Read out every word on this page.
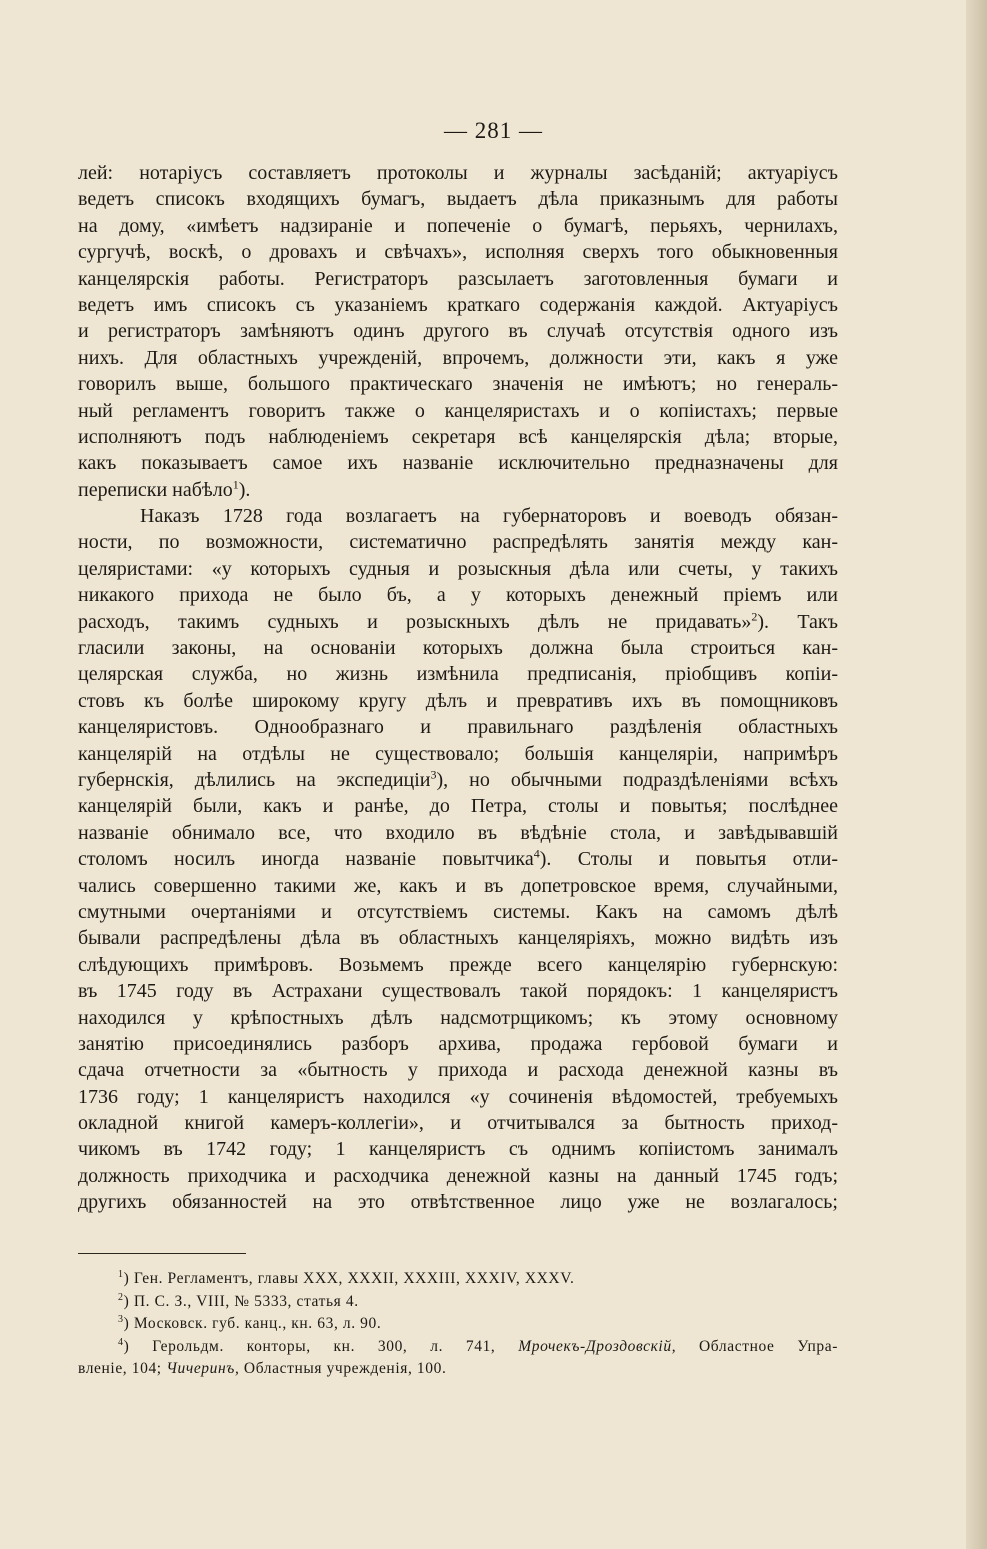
— 281 —
лей: нотаріусъ составляетъ протоколы и журналы засѣданій; актуаріусъ
ведетъ списокъ входящихъ бумагъ, выдаетъ дѣла приказнымъ для работы
на дому, «имѣетъ надзираніе и попеченіе о бумагѣ, перьяхъ, чернилахъ,
сургучѣ, воскѣ, о дровахъ и свѣчахъ», исполняя сверхъ того обыкновенныя
канцелярскія работы. Регистраторъ разсылаетъ заготовленныя бумаги и
ведетъ имъ списокъ съ указаніемъ краткаго содержанія каждой. Актуаріусъ
и регистраторъ замѣняютъ одинъ другого въ случаѣ отсутствія одного изъ
нихъ. Для областныхъ учрежденій, впрочемъ, должности эти, какъ я уже
говорилъ выше, большого практическаго значенія не имѣютъ; но генераль-
ный регламентъ говоритъ также о канцеляристахъ и о копіистахъ; первые
исполняютъ подъ наблюденіемъ секретаря всѣ канцелярскія дѣла; вторые,
какъ показываетъ самое ихъ названіе исключительно предназначены для
переписки набѣло$^1$).
Наказъ 1728 года возлагаетъ на губернаторовъ и воеводъ обязан-
ности, по возможности, систематично распредѣлять занятія между кан-
целяристами: «у которыхъ судныя и розыскныя дѣла или счеты, у такихъ
никакого прихода не было бъ, а у которыхъ денежный пріемъ или
расходъ, такимъ судныхъ и розыскныхъ дѣлъ не придавать»$^2$). Такъ
гласили законы, на основаніи которыхъ должна была строиться кан-
целярская служба, но жизнь измѣнила предписанія, пріобщивъ копіи-
стовъ къ болѣе широкому кругу дѣлъ и превративъ ихъ въ помощниковъ
канцеляристовъ. Однообразнаго и правильнаго раздѣленія областныхъ
канцелярій на отдѣлы не существовало; большія канцеляріи, напримѣръ
губернскія, дѣлились на экспедиціи$^3$), но обычными подраздѣленіями всѣхъ
канцелярій были, какъ и ранѣе, до Петра, столы и повытья; послѣднее
названіе обнимало все, что входило въ вѣдѣніе стола, и завѣдывавшій
столомъ носилъ иногда названіе повытчика$^4$). Столы и повытья отли-
чались совершенно такими же, какъ и въ допетровское время, случайными,
смутными очертаніями и отсутствіемъ системы. Какъ на самомъ дѣлѣ
бывали распредѣлены дѣла въ областныхъ канцеляріяхъ, можно видѣть изъ
слѣдующихъ примѣровъ. Возьмемъ прежде всего канцелярію губернскую:
въ 1745 году въ Астрахани существовалъ такой порядокъ: 1 канцеляристъ
находился у крѣпостныхъ дѣлъ надсмотрщикомъ; къ этому основному
занятію присоединялись разборъ архива, продажа гербовой бумаги и
сдача отчетности за «бытность у прихода и расхода денежной казны въ
1736 году; 1 канцеляристъ находился «у сочиненія вѣдомостей, требуемыхъ
окладной книгой камеръ-коллегіи», и отчитывался за бытность приход-
чикомъ въ 1742 году; 1 канцеляристъ съ однимъ копіистомъ занималъ
должность приходчика и расходчика денежной казны на данный 1745 годъ;
другихъ обязанностей на это отвѣтственное лицо уже не возлагалось;
$^1$) Ген. Регламентъ, главы XXX, XXXII, XXXIII, XXXIV, XXXV.
$^2$) П. С. З., VIII, № 5333, статья 4.
$^3$) Московск. губ. канц., кн. 63, л. 90.
$^4$) Герольдм. конторы, кн. 300, л. 741, Мрочекъ-Дроздовскій, Областное Упра-
вленіе, 104; Чичеринъ, Областныя учрежденія, 100.
